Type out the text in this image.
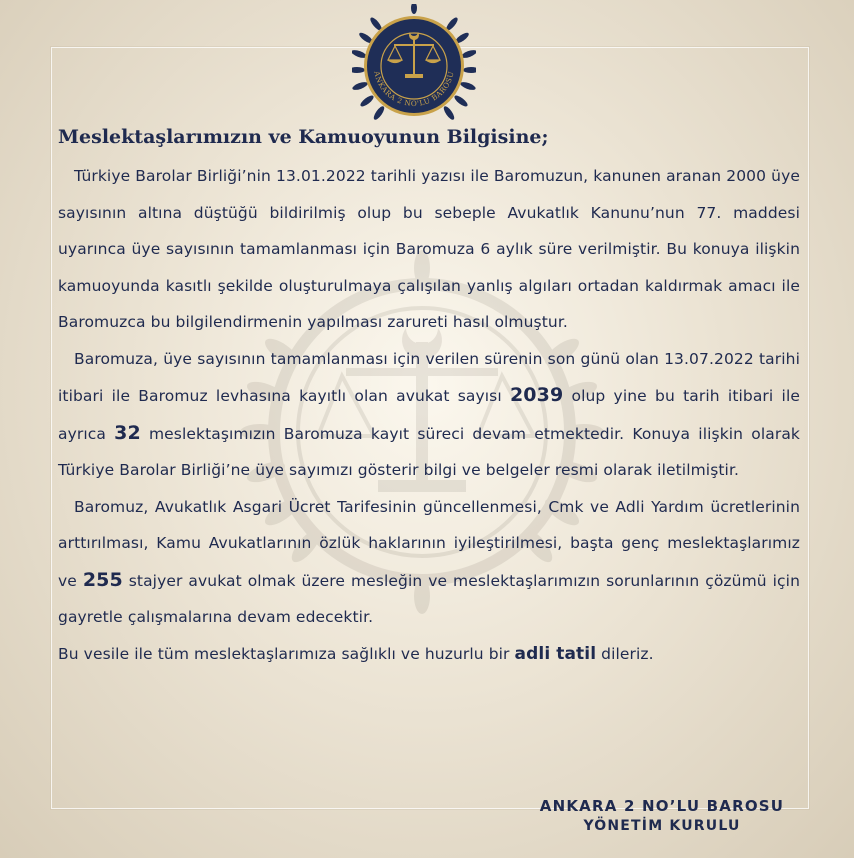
ANKARA 2 NO'LU BAROSU
Meslektaşlarımızın ve Kamuoyunun Bilgisine;

Türkiye Barolar Birliği’nin 13.01.2022 tarihli yazısı ile Baromuzun, kanunen aranan 2000 üye sayısının altına düştüğü bildirilmiş olup bu sebeple Avukatlık Kanunu’nun 77. maddesi uyarınca üye sayısının tamamlanması için Baromuza 6 aylık süre verilmiştir. Bu konuya ilişkin kamuoyunda kasıtlı şekilde oluşturulmaya çalışılan yanlış algıları ortadan kaldırmak amacı ile Baromuzca bu bilgilendirmenin yapılması zarureti hasıl olmuştur.

Baromuza, üye sayısının tamamlanması için verilen sürenin son günü olan 13.07.2022 tarihi itibari ile Baromuz levhasına kayıtlı olan avukat sayısı 2039 olup yine bu tarih itibari ile ayrıca 32 meslektaşımızın Baromuza kayıt süreci devam etmektedir. Konuya ilişkin olarak Türkiye Barolar Birliği’ne üye sayımızı gösterir bilgi ve belgeler resmi olarak iletilmiştir.

Baromuz, Avukatlık Asgari Ücret Tarifesinin güncellenmesi, Cmk ve Adli Yardım ücretlerinin arttırılması, Kamu Avukatlarının özlük haklarının iyileştirilmesi, başta genç meslektaşlarımız ve 255 stajyer avukat olmak üzere mesleğin ve meslektaşlarımızın sorunlarının çözümü için gayretle çalışmalarına devam edecektir.

Bu vesile ile tüm meslektaşlarımıza sağlıklı ve huzurlu bir adli tatil dileriz.

ANKARA 2 NO’LU BAROSU
YÖNETİM KURULU
